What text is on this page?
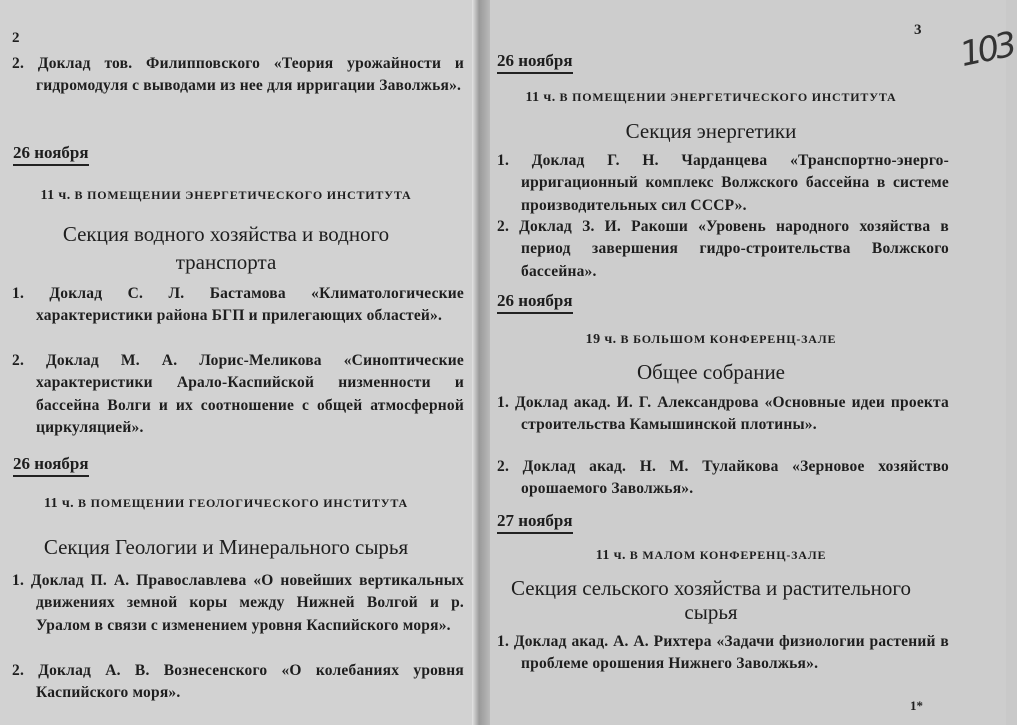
2
2. Доклад тов. Филипповского «Теория урожайности и гидромодуля с выводами из нее для ирригации Заволжья».
26 ноября
11 ч. В ПОМЕЩЕНИИ ЭНЕРГЕТИЧЕСКОГО ИНСТИТУТА
Секция водного хозяйства и водного
транспорта
1. Доклад С. Л. Бастамова «Климатологические характеристики района БГП и прилегающих областей».
2. Доклад М. А. Лорис-Меликова «Синоптические характеристики Арало-Каспийской низменности и бассейна Волги и их соотношение с общей атмосферной циркуляцией».
26 ноября
11 ч. В ПОМЕЩЕНИИ ГЕОЛОГИЧЕСКОГО ИНСТИТУТА
Секция Геологии и Минерального сырья
1. Доклад П. А. Православлева «О новейших вертикальных движениях земной коры между Нижней Волгой и р. Уралом в связи с изменением уровня Каспийского моря».
2. Доклад А. В. Вознесенского «О колебаниях уровня Каспийского моря».
3 103
26 ноября
11 ч. В ПОМЕЩЕНИИ ЭНЕРГЕТИЧЕСКОГО ИНСТИТУТА
Секция энергетики
1. Доклад Г. Н. Чарданцева «Транспортно-энерго-ирригационный комплекс Волжского бассейна в системе производительных сил СССР».
2. Доклад З. И. Ракоши «Уровень народного хозяйства в период завершения гидро-строительства Волжского бассейна».
26 ноября
19 ч. В БОЛЬШОМ КОНФЕРЕНЦ-ЗАЛЕ
Общее собрание
1. Доклад акад. И. Г. Александрова «Основные идеи проекта строительства Камышинской плотины».
2. Доклад акад. Н. М. Тулайкова «Зерновое хозяйство орошаемого Заволжья».
27 ноября
11 ч. В МАЛОМ КОНФЕРЕНЦ-ЗАЛЕ
Секция сельского хозяйства и растительного
сырья
1. Доклад акад. А. А. Рихтера «Задачи физиологии растений в проблеме орошения Нижнего Заволжья».
1*
